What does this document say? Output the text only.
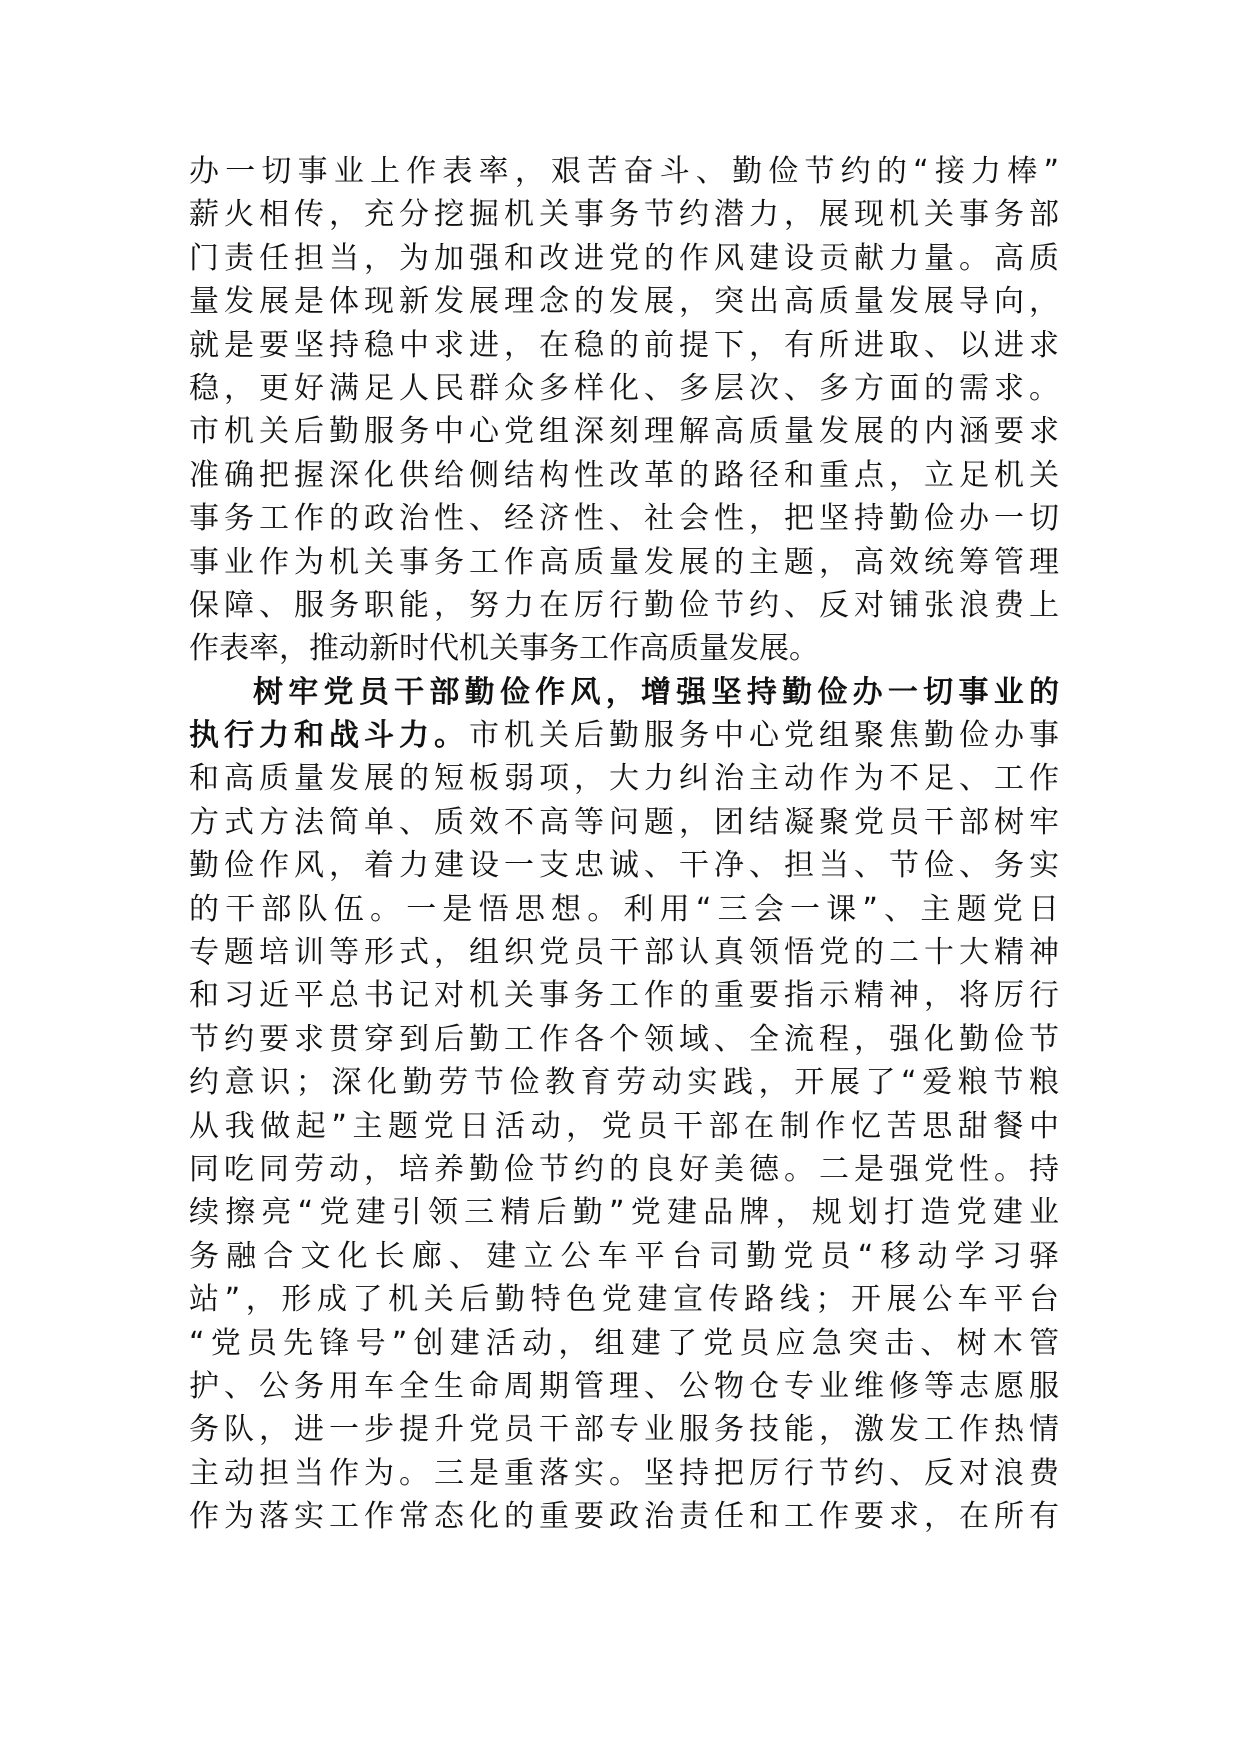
办一切事业上作表率，艰苦奋斗、勤俭节约的“接力棒”
薪火相传，充分挖掘机关事务节约潜力，展现机关事务部
门责任担当，为加强和改进党的作风建设贡献力量。高质
量发展是体现新发展理念的发展，突出高质量发展导向，
就是要坚持稳中求进，在稳的前提下，有所进取、以进求
稳，更好满足人民群众多样化、多层次、多方面的需求。
市机关后勤服务中心党组深刻理解高质量发展的内涵要求
准确把握深化供给侧结构性改革的路径和重点，立足机关
事务工作的政治性、经济性、社会性，把坚持勤俭办一切
事业作为机关事务工作高质量发展的主题，高效统筹管理
保障、服务职能，努力在厉行勤俭节约、反对铺张浪费上
作表率，推动新时代机关事务工作高质量发展。
树牢党员干部勤俭作风，增强坚持勤俭办一切事业的
执行力和战斗力。市机关后勤服务中心党组聚焦勤俭办事
和高质量发展的短板弱项，大力纠治主动作为不足、工作
方式方法简单、质效不高等问题，团结凝聚党员干部树牢
勤俭作风，着力建设一支忠诚、干净、担当、节俭、务实
的干部队伍。一是悟思想。利用“三会一课”、主题党日
专题培训等形式，组织党员干部认真领悟党的二十大精神
和习近平总书记对机关事务工作的重要指示精神，将厉行
节约要求贯穿到后勤工作各个领域、全流程，强化勤俭节
约意识；深化勤劳节俭教育劳动实践，开展了“爱粮节粮
从我做起”主题党日活动，党员干部在制作忆苦思甜餐中
同吃同劳动，培养勤俭节约的良好美德。二是强党性。持
续擦亮“党建引领三精后勤”党建品牌，规划打造党建业
务融合文化长廊、建立公车平台司勤党员“移动学习驿
站”，形成了机关后勤特色党建宣传路线；开展公车平台
“党员先锋号”创建活动，组建了党员应急突击、树木管
护、公务用车全生命周期管理、公物仓专业维修等志愿服
务队，进一步提升党员干部专业服务技能，激发工作热情
主动担当作为。三是重落实。坚持把厉行节约、反对浪费
作为落实工作常态化的重要政治责任和工作要求，在所有
